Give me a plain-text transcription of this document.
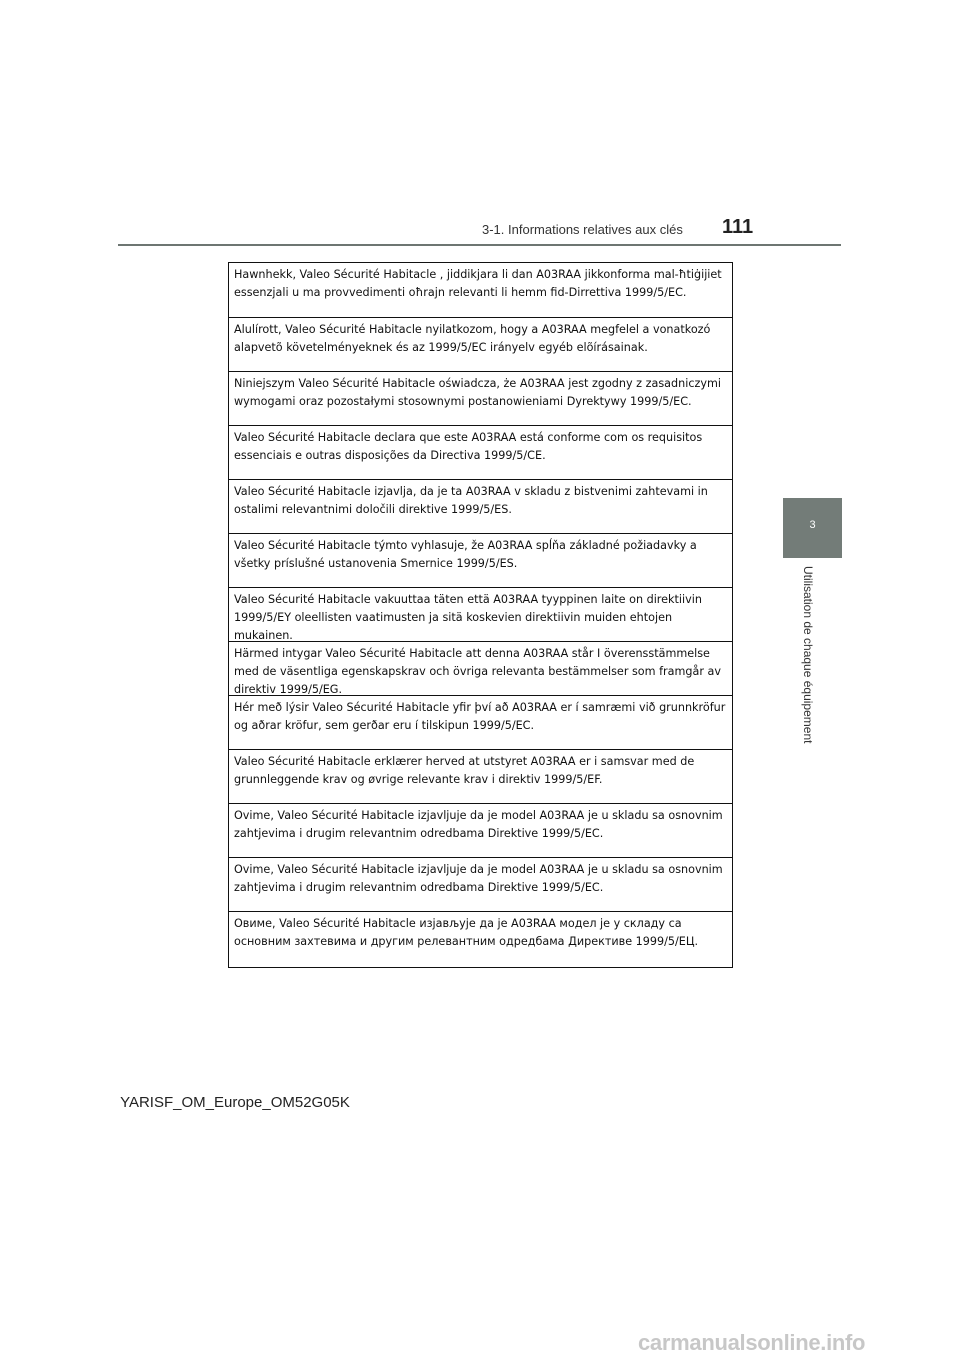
3-1. Informations relatives aux clés 111
3
Utilisation de chaque équipement
Hawnhekk, Valeo Sécurité Habitacle , jiddikjara li dan A03RAA jikkonforma mal-ħtiġijiet essenzjali u ma provvedimenti oħrajn relevanti li hemm fid-Dirrettiva 1999/5/EC.
Alulírott, Valeo Sécurité Habitacle nyilatkozom, hogy a A03RAA megfelel a vonatkozó alapvetõ követelményeknek és az 1999/5/EC irányelv egyéb elõírásainak.
Niniejszym Valeo Sécurité Habitacle oświadcza, że A03RAA jest zgodny z zasadniczymi wymogami oraz pozostałymi stosownymi postanowieniami Dyrektywy 1999/5/EC.
Valeo Sécurité Habitacle declara que este A03RAA está conforme com os requisitos essenciais e outras disposições da Directiva 1999/5/CE.
Valeo Sécurité Habitacle izjavlja, da je ta A03RAA v skladu z bistvenimi zahtevami in ostalimi relevantnimi določili direktive 1999/5/ES.
Valeo Sécurité Habitacle týmto vyhlasuje, že A03RAA spĺňa základné požiadavky a všetky príslušné ustanovenia Smernice 1999/5/ES.
Valeo Sécurité Habitacle vakuuttaa täten että A03RAA tyyppinen laite on direktiivin 1999/5/EY oleellisten vaatimusten ja sitä koskevien direktiivin muiden ehtojen mukainen.
Härmed intygar Valeo Sécurité Habitacle att denna A03RAA står I överensstämmelse med de väsentliga egenskapskrav och övriga relevanta bestämmelser som framgår av direktiv 1999/5/EG.
Hér með lýsir Valeo Sécurité Habitacle yfir því að A03RAA er í samræmi við grunnkröfur og aðrar kröfur, sem gerðar eru í tilskipun 1999/5/EC.
Valeo Sécurité Habitacle erklærer herved at utstyret A03RAA er i samsvar med de grunnleggende krav og øvrige relevante krav i direktiv 1999/5/EF.
Ovime, Valeo Sécurité Habitacle izjavljuje da je model A03RAA je u skladu sa osnovnim zahtjevima i drugim relevantnim odredbama Direktive 1999/5/EC.
Ovime, Valeo Sécurité Habitacle izjavljuje da je model A03RAA je u skladu sa osnovnim zahtjevima i drugim relevantnim odredbama Direktive 1999/5/EC.
Овиме, Valeo Sécurité Habitacle изјављује да је A03RAA модел је у складу са основним захтевима и другим релевантним одредбама Директиве 1999/5/ЕЦ.
YARISF_OM_Europe_OM52G05K
carmanualsonline.info
